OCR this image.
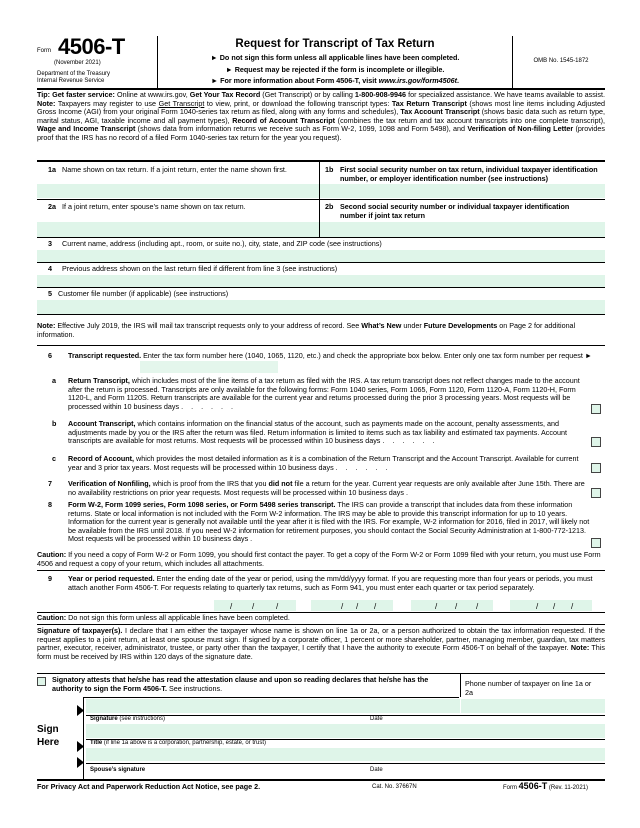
Form 4506-T
(November 2021)
Department of the Treasury
Internal Revenue Service
Request for Transcript of Tax Return
► Do not sign this form unless all applicable lines have been completed.
► Request may be rejected if the form is incomplete or illegible.
► For more information about Form 4506-T, visit www.irs.gov/form4506t.
OMB No. 1545-1872
Tip: Get faster service: Online at www.irs.gov, Get Your Tax Record (Get Transcript) or by calling 1-800-908-9946 for specialized assistance. We have teams available to assist. Note: Taxpayers may register to use Get Transcript to view, print, or download the following transcript types: Tax Return Transcript (shows most line items including Adjusted Gross Income (AGI) from your original Form 1040-series tax return as filed, along with any forms and schedules), Tax Account Transcript (shows basic data such as return type, marital status, AGI, taxable income and all payment types), Record of Account Transcript (combines the tax return and tax account transcripts into one complete transcript), Wage and Income Transcript (shows data from information returns we receive such as Form W-2, 1099, 1098 and Form 5498), and Verification of Non-filing Letter (provides proof that the IRS has no record of a filed Form 1040-series tax return for the year you request).
1a Name shown on tax return. If a joint return, enter the name shown first.	1b First social security number on tax return, individual taxpayer identification number, or employer identification number (see instructions)
2a If a joint return, enter spouse’s name shown on tax return.	2b Second social security number or individual taxpayer identification number if joint tax return
3 Current name, address (including apt., room, or suite no.), city, state, and ZIP code (see instructions)
4 Previous address shown on the last return filed if different from line 3 (see instructions)
5 Customer file number (if applicable) (see instructions)
Note: Effective July 2019, the IRS will mail tax transcript requests only to your address of record. See What’s New under Future Developments on Page 2 for additional information.
6 Transcript requested. Enter the tax form number here (1040, 1065, 1120, etc.) and check the appropriate box below. Enter only one tax form number per request ►
a Return Transcript, which includes most of the line items of a tax return as filed with the IRS. A tax return transcript does not reflect changes made to the account after the return is processed. Transcripts are only available for the following forms: Form 1040 series, Form 1065, Form 1120, Form 1120-A, Form 1120-H, Form 1120-L, and Form 1120S. Return transcripts are available for the current year and returns processed during the prior 3 processing years. Most requests will be processed within 10 business days . . . . . .
b Account Transcript, which contains information on the financial status of the account, such as payments made on the account, penalty assessments, and adjustments made by you or the IRS after the return was filed. Return information is limited to items such as tax liability and estimated tax payments. Account transcripts are available for most returns. Most requests will be processed within 10 business days . . . . . .
c Record of Account, which provides the most detailed information as it is a combination of the Return Transcript and the Account Transcript. Available for current year and 3 prior tax years. Most requests will be processed within 10 business days . . . . . .
7 Verification of Nonfiling, which is proof from the IRS that you did not file a return for the year. Current year requests are only available after June 15th. There are no availability restrictions on prior year requests. Most requests will be processed within 10 business days .
8 Form W-2, Form 1099 series, Form 1098 series, or Form 5498 series transcript. The IRS can provide a transcript that includes data from these information returns. State or local information is not included with the Form W-2 information. The IRS may be able to provide this transcript information for up to 10 years. Information for the current year is generally not available until the year after it is filed with the IRS. For example, W-2 information for 2016, filed in 2017, will likely not be available from the IRS until 2018. If you need W-2 information for retirement purposes, you should contact the Social Security Administration at 1-800-772-1213. Most requests will be processed within 10 business days .
Caution: If you need a copy of Form W-2 or Form 1099, you should first contact the payer. To get a copy of the Form W-2 or Form 1099 filed with your return, you must use Form 4506 and request a copy of your return, which includes all attachments.
9 Year or period requested. Enter the ending date of the year or period, using the mm/dd/yyyy format. If you are requesting more than four years or periods, you must attach another Form 4506-T. For requests relating to quarterly tax returns, such as Form 941, you must enter each quarter or tax period separately.
/ /	/	/ / /	/ / /	/ / /
Caution: Do not sign this form unless all applicable lines have been completed.
Signature of taxpayer(s). I declare that I am either the taxpayer whose name is shown on line 1a or 2a, or a person authorized to obtain the tax information requested. If the request applies to a joint return, at least one spouse must sign. If signed by a corporate officer, 1 percent or more shareholder, partner, managing member, guardian, tax matters partner, executor, receiver, administrator, trustee, or party other than the taxpayer, I certify that I have the authority to execute Form 4506-T on behalf of the taxpayer. Note: This form must be received by IRS within 120 days of the signature date.
Signatory attests that he/she has read the attestation clause and upon so reading declares that he/she has the authority to sign the Form 4506-T. See instructions.
Phone number of taxpayer on line 1a or 2a
Sign
Here
Signature (see instructions)	Date
Title (if line 1a above is a corporation, partnership, estate, or trust)
Spouse’s signature	Date
For Privacy Act and Paperwork Reduction Act Notice, see page 2.	Cat. No. 37667N	Form 4506-T (Rev. 11-2021)
